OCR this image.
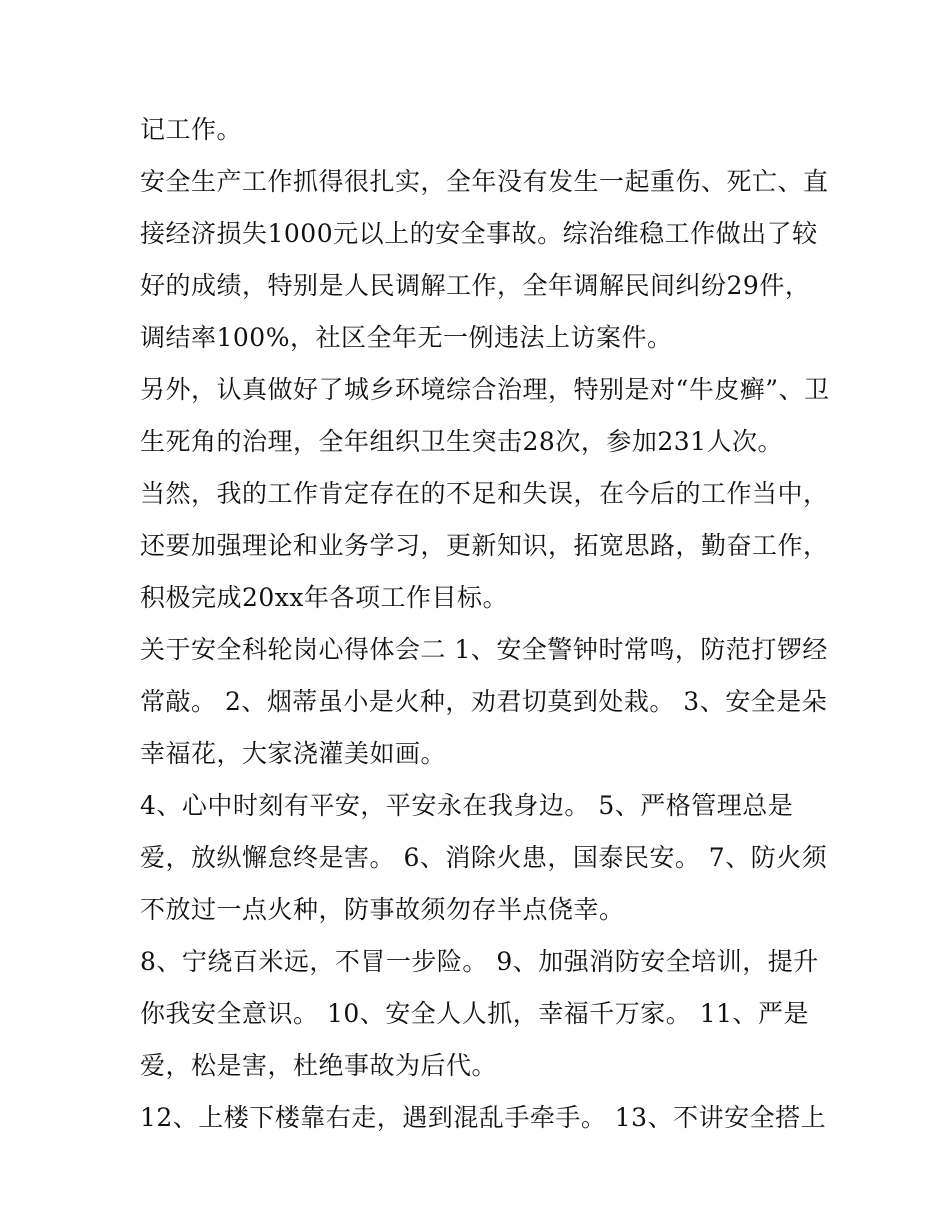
记工作。
安全生产工作抓得很扎实，全年没有发生一起重伤、死亡、直
接经济损失1000元以上的安全事故。综治维稳工作做出了较
好的成绩，特别是人民调解工作，全年调解民间纠纷29件，
调结率100%，社区全年无一例违法上访案件。
另外，认真做好了城乡环境综合治理，特别是对“牛皮癣”、卫
生死角的治理，全年组织卫生突击28次，参加231人次。
当然，我的工作肯定存在的不足和失误，在今后的工作当中，
还要加强理论和业务学习，更新知识，拓宽思路，勤奋工作，
积极完成20xx年各项工作目标。
关于安全科轮岗心得体会二 1、安全警钟时常鸣，防范打锣经
常敲。 2、烟蒂虽小是火种，劝君切莫到处栽。 3、安全是朵
幸福花，大家浇灌美如画。
4、心中时刻有平安，平安永在我身边。 5、严格管理总是
爱，放纵懈怠终是害。 6、消除火患，国泰民安。 7、防火须
不放过一点火种，防事故须勿存半点侥幸。
8、宁绕百米远，不冒一步险。 9、加强消防安全培训，提升
你我安全意识。 10、安全人人抓，幸福千万家。 11、严是
爱，松是害，杜绝事故为后代。
12、上楼下楼靠右走，遇到混乱手牵手。 13、不讲安全搭上
